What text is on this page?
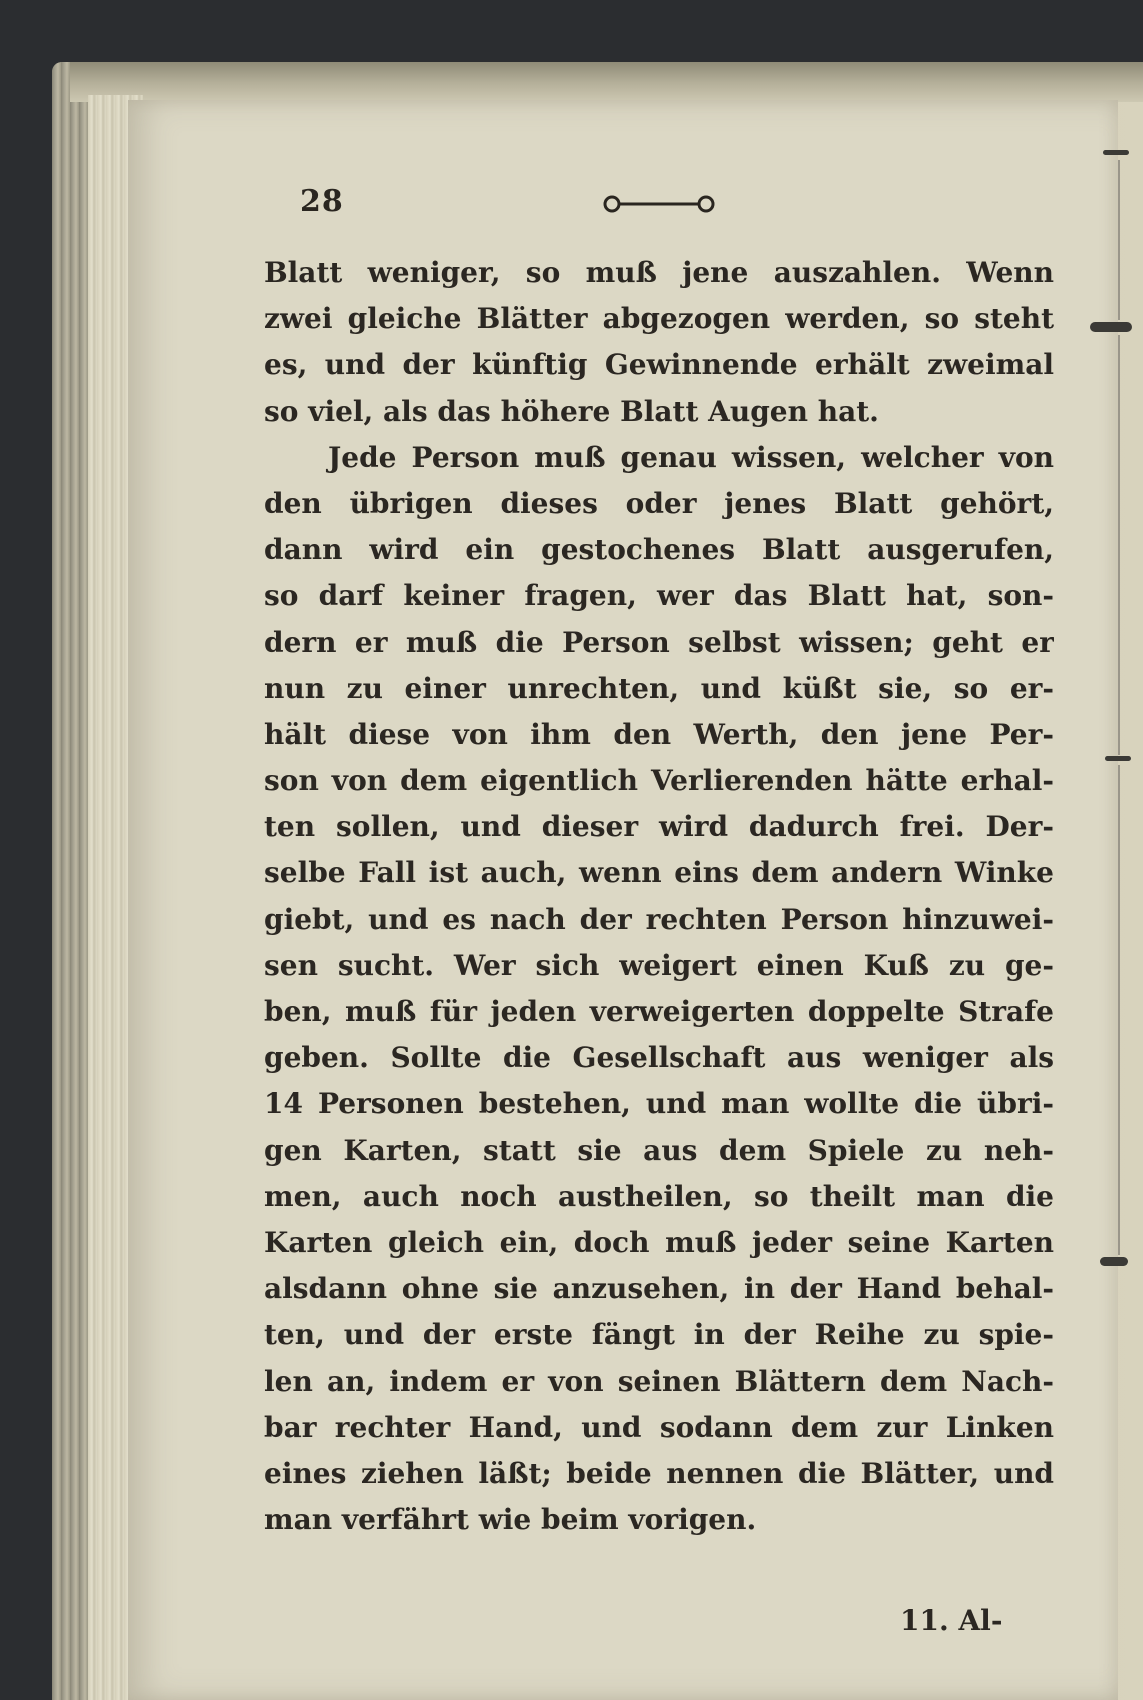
28
Blatt weniger, so muß jene auszahlen. Wenn
zwei gleiche Blätter abgezogen werden, so steht
es, und der künftig Gewinnende erhält zweimal
so viel, als das höhere Blatt Augen hat.
Jede Person muß genau wissen, welcher von
den übrigen dieses oder jenes Blatt gehört,
dann wird ein gestochenes Blatt ausgerufen,
so darf keiner fragen, wer das Blatt hat, son-
dern er muß die Person selbst wissen; geht er
nun zu einer unrechten, und küßt sie, so er-
hält diese von ihm den Werth, den jene Per-
son von dem eigentlich Verlierenden hätte erhal-
ten sollen, und dieser wird dadurch frei. Der-
selbe Fall ist auch, wenn eins dem andern Winke
giebt, und es nach der rechten Person hinzuwei-
sen sucht. Wer sich weigert einen Kuß zu ge-
ben, muß für jeden verweigerten doppelte Strafe
geben. Sollte die Gesellschaft aus weniger als
14 Personen bestehen, und man wollte die übri-
gen Karten, statt sie aus dem Spiele zu neh-
men, auch noch austheilen, so theilt man die
Karten gleich ein, doch muß jeder seine Karten
alsdann ohne sie anzusehen, in der Hand behal-
ten, und der erste fängt in der Reihe zu spie-
len an, indem er von seinen Blättern dem Nach-
bar rechter Hand, und sodann dem zur Linken
eines ziehen läßt; beide nennen die Blätter, und
man verfährt wie beim vorigen.
11. Al-
